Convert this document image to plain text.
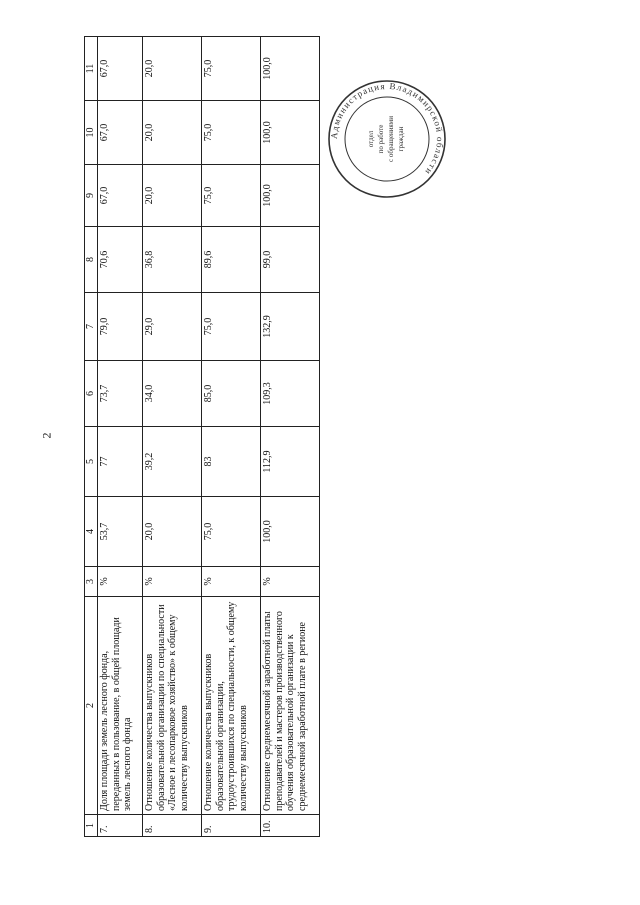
2
1	2	3	4	5	6	7	8	9	10	11
7.	Доля площади земель лесного фонда, переданных в пользование, в общей площади земель лесного фонда	%	53,7	77	73,7	79,0	70,6	67,0	67,0	67,0
8.	Отношение количества выпускников образовательной организации по специальности «Лесное и лесопарковое хозяйство» к общему количеству выпускников	%	20,0	39,2	34,0	29,0	36,8	20,0	20,0	20,0
9.	Отношение количества выпускников образовательной организации, трудоустроившихся по специальности, к общему количеству выпускников	%	75,0	83	85,0	75,0	89,6	75,0	75,0	75,0
10.	Отношение среднемесячной заработной платы преподавателей и мастеров производственного обучения образовательной организации к среднемесячной заработной плате в регионе	%	100,0	112,9	109,3	132,9	99,0	100,0	100,0	100,0
Администрация Владимирской области
отдел по работе с обращениями граждан
